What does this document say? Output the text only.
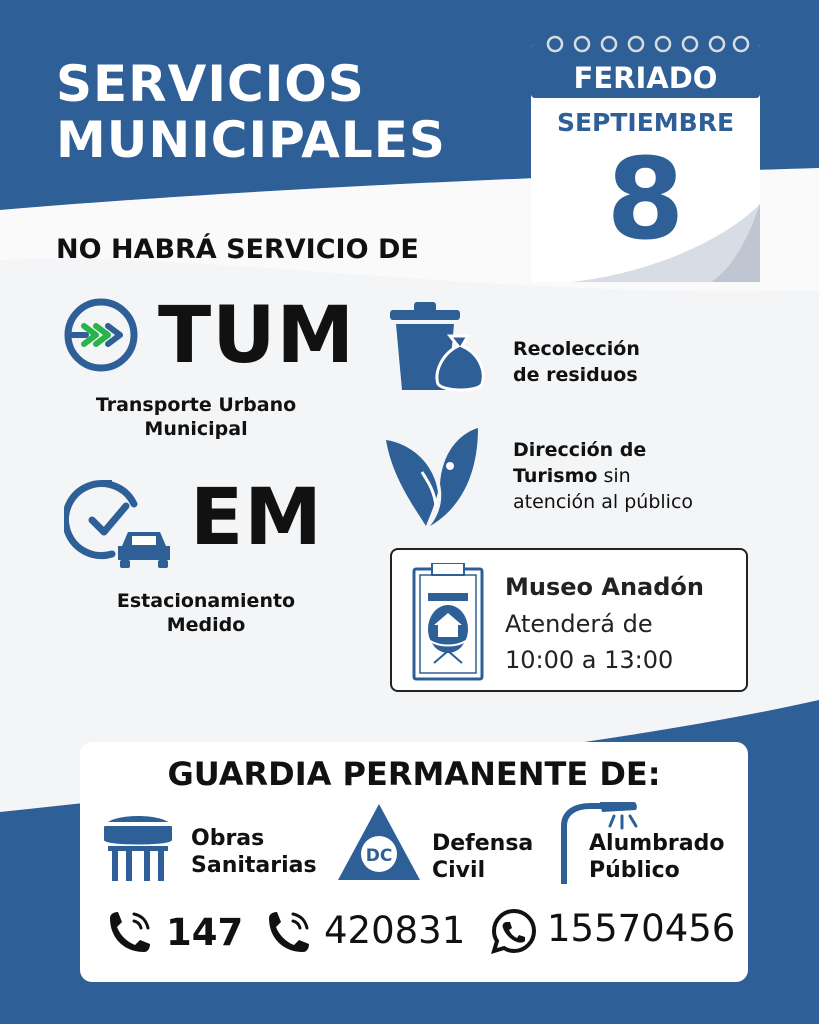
SERVICIOS
MUNICIPALES
FERIADO
SEPTIEMBRE
8
NO HABRÁ SERVICIO DE
TUM
Transporte Urbano
Municipal
EM
Estacionamiento
Medido
Recolección
de residuos
Dirección de
Turismo sin
atención al público
Museo Anadón
Atenderá de
10:00 a 13:00
GUARDIA PERMANENTE DE:
Obras
Sanitarias	DC Defensa
Civil
Alumbrado
Público
147 420831 15570456
